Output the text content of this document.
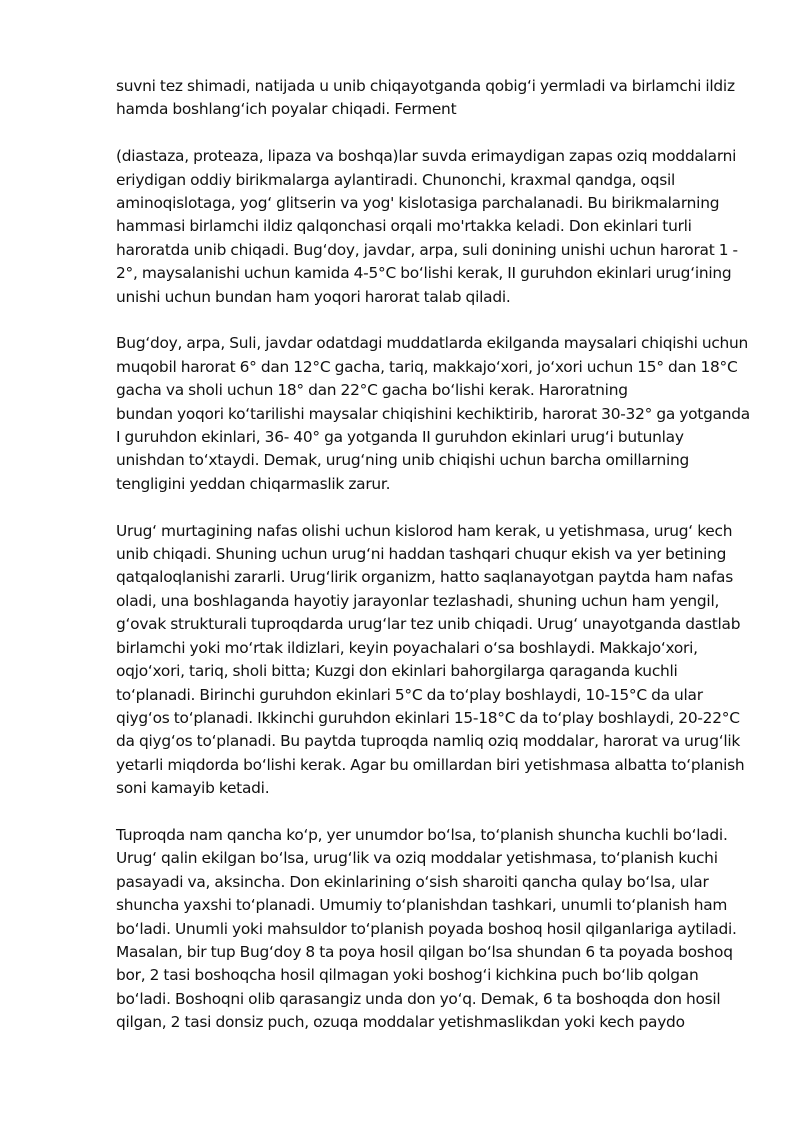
suvni tez shimadi, natijada u unib chiqayotganda qobig‘i yermladi va birlamchi ildiz
hamda boshlang‘ich poyalar chiqadi. Ferment
(diastaza, proteaza, lipaza va boshqa)lar suvda erimaydigan zapas oziq moddalarni
eriydigan oddiy birikmalarga aylantiradi. Chunonchi, kraxmal qandga, oqsil
aminoqislotaga, yog‘ glitserin va yog' kislotasiga parchalanadi. Bu birikmalarning
hammasi birlamchi ildiz qalqonchasi orqali mo'rtakka keladi. Don ekinlari turli
haroratda unib chiqadi. Bug‘doy, javdar, arpa, suli donining unishi uchun harorat 1 -
2°, maysalanishi uchun kamida 4-5°C bo‘lishi kerak, II guruhdon ekinlari urug‘ining
unishi uchun bundan ham yoqori harorat talab qiladi.
Bug‘doy, arpa, Suli, javdar odatdagi muddatlarda ekilganda maysalari chiqishi uchun
muqobil harorat 6° dan 12°C gacha, tariq, makkajo‘xori, jo‘xori uchun 15° dan 18°C
gacha va sholi uchun 18° dan 22°C gacha bo‘lishi kerak. Haroratning
bundan yoqori ko‘tarilishi maysalar chiqishini kechiktirib, harorat 30-32° ga yotganda
I guruhdon ekinlari, 36- 40° ga yotganda II guruhdon ekinlari urug‘i butunlay
unishdan to‘xtaydi. Demak, urug‘ning unib chiqishi uchun barcha omillarning
tengligini yeddan chiqarmaslik zarur.
Urug‘ murtagining nafas olishi uchun kislorod ham kerak, u yetishmasa, urug‘ kech
unib chiqadi. Shuning uchun urug‘ni haddan tashqari chuqur ekish va yer betining
qatqaloqlanishi zararli. Urug‘lirik organizm, hatto saqlanayotgan paytda ham nafas
oladi, una boshlaganda hayotiy jarayonlar tezlashadi, shuning uchun ham yengil,
g‘ovak strukturali tuproqdarda urug‘lar tez unib chiqadi. Urug‘ unayotganda dastlab
birlamchi yoki mo‘rtak ildizlari, keyin poyachalari o‘sa boshlaydi. Makkajo‘xori,
oqjo‘xori, tariq, sholi bitta; Kuzgi don ekinlari bahorgilarga qaraganda kuchli
to‘planadi. Birinchi guruhdon ekinlari 5°C da to‘play boshlaydi, 10-15°C da ular
qiyg‘os to‘planadi. Ikkinchi guruhdon ekinlari 15-18°C da to‘play boshlaydi, 20-22°C
da qiyg‘os to‘planadi. Bu paytda tuproqda namliq oziq moddalar, harorat va urug‘lik
yetarli miqdorda bo‘lishi kerak. Agar bu omillardan biri yetishmasa albatta to‘planish
soni kamayib ketadi.
Tuproqda nam qancha ko‘p, yer unumdor bo‘lsa, to‘planish shuncha kuchli bo‘ladi.
Urug‘ qalin ekilgan bo‘lsa, urug‘lik va oziq moddalar yetishmasa, to‘planish kuchi
pasayadi va, aksincha. Don ekinlarining o‘sish sharoiti qancha qulay bo‘lsa, ular
shuncha yaxshi to‘planadi. Umumiy to‘planishdan tashkari, unumli to‘planish ham
bo‘ladi. Unumli yoki mahsuldor to‘planish poyada boshoq hosil qilganlariga aytiladi.
Masalan, bir tup Bug‘doy 8 ta poya hosil qilgan bo‘lsa shundan 6 ta poyada boshoq
bor, 2 tasi boshoqcha hosil qilmagan yoki boshog‘i kichkina puch bo‘lib qolgan
bo‘ladi. Boshoqni olib qarasangiz unda don yo‘q. Demak, 6 ta boshoqda don hosil
qilgan, 2 tasi donsiz puch, ozuqa moddalar yetishmaslikdan yoki kech paydo
